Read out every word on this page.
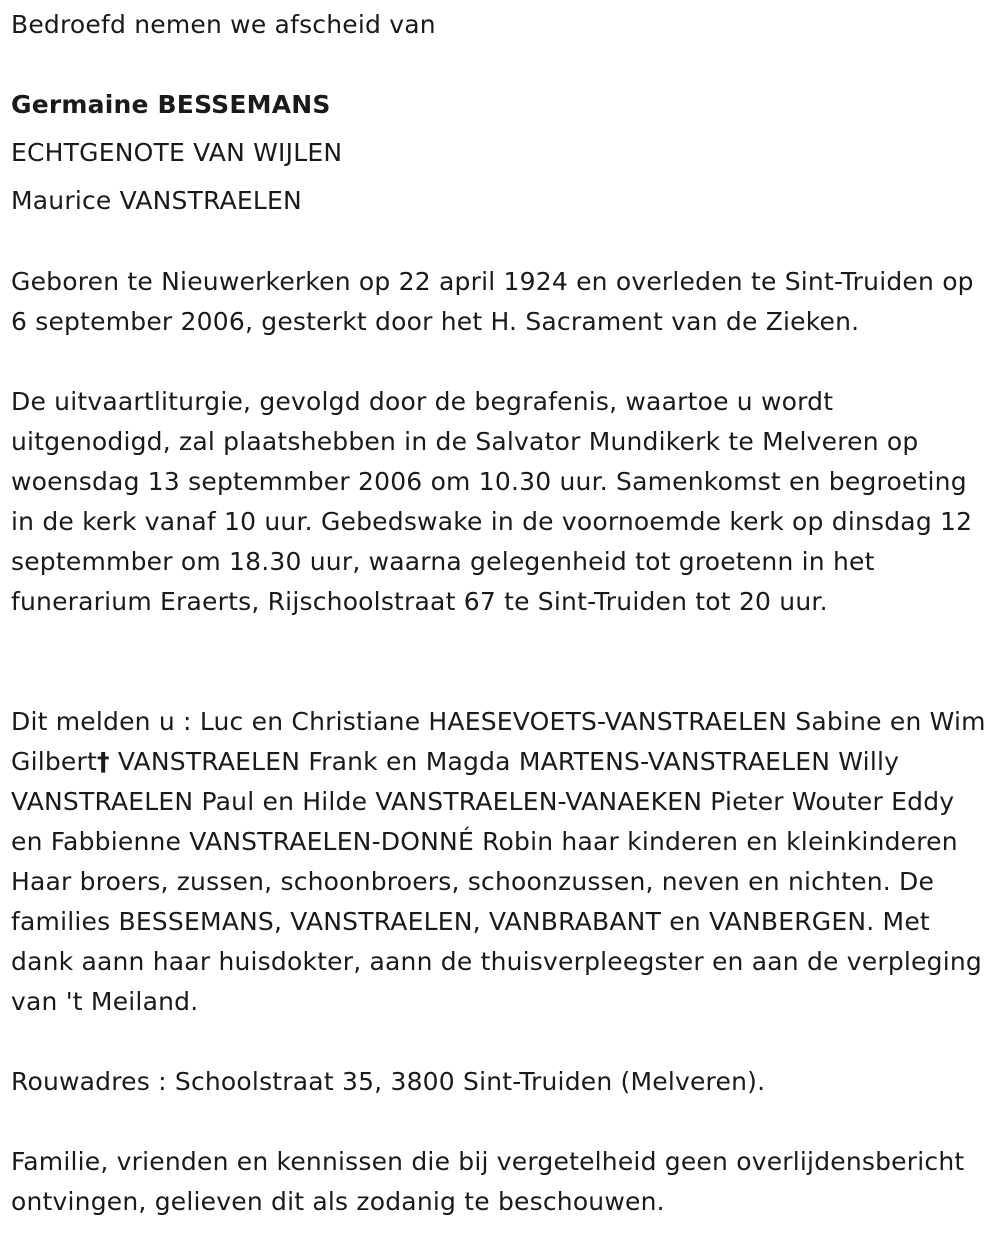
Bedroefd nemen we afscheid van
Germaine BESSEMANS
ECHTGENOTE VAN WIJLEN
Maurice VANSTRAELEN
Geboren te Nieuwerkerken op 22 april 1924 en overleden te Sint-Truiden op 6 september 2006, gesterkt door het H. Sacrament van de Zieken.
De uitvaartliturgie, gevolgd door de begrafenis, waartoe u wordt uitgenodigd, zal plaatshebben in de Salvator Mundikerk te Melveren op woensdag 13 septemmber 2006 om 10.30 uur. Samenkomst en begroeting in de kerk vanaf 10 uur. Gebedswake in de voornoemde kerk op dinsdag 12 septemmber om 18.30 uur, waarna gelegenheid tot groetenn in het funerarium Eraerts, Rijschoolstraat 67 te Sint-Truiden tot 20 uur.
Dit melden u : Luc en Christiane HAESEVOETS-VANSTRAELEN Sabine en Wim Gilbert† VANSTRAELEN Frank en Magda MARTENS-VANSTRAELEN Willy VANSTRAELEN Paul en Hilde VANSTRAELEN-VANAEKEN Pieter Wouter Eddy en Fabbienne VANSTRAELEN-DONNÉ Robin haar kinderen en kleinkinderen Haar broers, zussen, schoonbroers, schoonzussen, neven en nichten. De families BESSEMANS, VANSTRAELEN, VANBRABANT en VANBERGEN. Met dank aann haar huisdokter, aann de thuisverpleegster en aan de verpleging van 't Meiland.
Rouwadres : Schoolstraat 35, 3800 Sint-Truiden (Melveren).
Familie, vrienden en kennissen die bij vergetelheid geen overlijdensbericht ontvingen, gelieven dit als zodanig te beschouwen.
